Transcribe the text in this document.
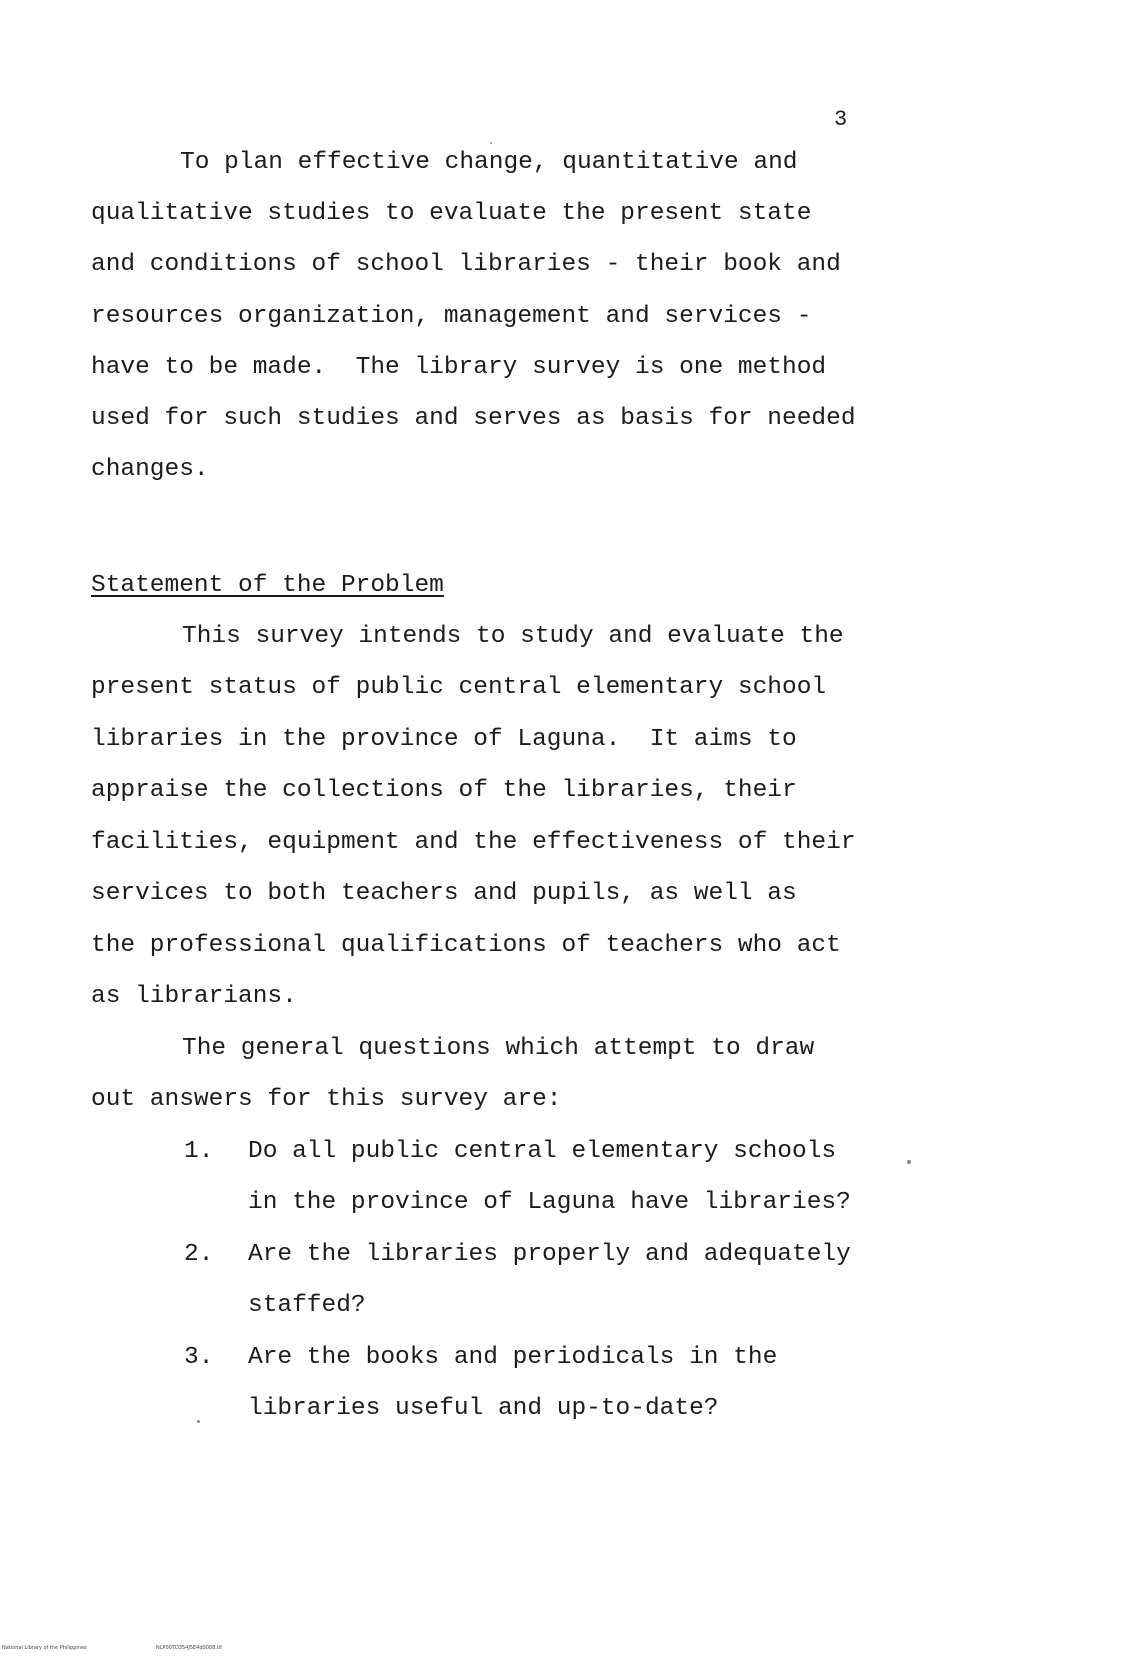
3
To plan effective change, quantitative and
qualitative studies to evaluate the present state
and conditions of school libraries - their book and
resources organization, management and services -
have to be made.  The library survey is one method
used for such studies and serves as basis for needed
changes.
Statement of the Problem
This survey intends to study and evaluate the
present status of public central elementary school
libraries in the province of Laguna.  It aims to
appraise the collections of the libraries, their
facilities, equipment and the effectiveness of their
services to both teachers and pupils, as well as
the professional qualifications of teachers who act
as librarians.
The general questions which attempt to draw
out answers for this survey are:
1. Do all public central elementary schools
in the province of Laguna have libraries?
2. Are the libraries properly and adequately
staffed?
3. Are the books and periodicals in the
libraries useful and up-to-date?
National Library of the Philippines	NLP00TD354J5E4d0008.tif
